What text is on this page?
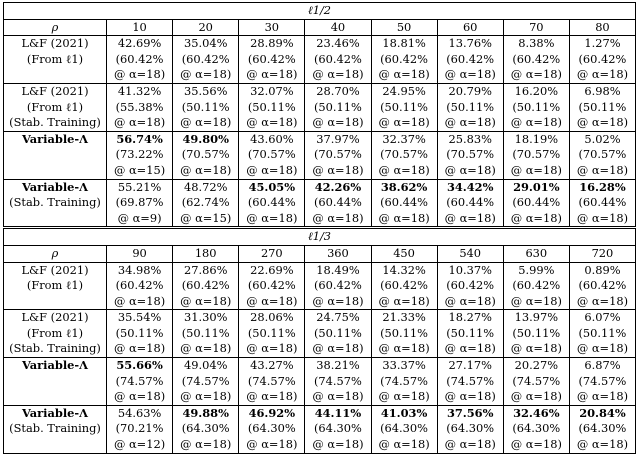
ℓ1/2								
ρ	10	20	30	40	50	60	70	80
L&F (2021)	42.69%	35.04%	28.89%	23.46%	18.81%	13.76%	8.38%	1.27%
(From ℓ1)	(60.42%	(60.42%	(60.42%	(60.42%	(60.42%	(60.42%	(60.42%	(60.42%
	@ α=18)	@ α=18)	@ α=18)	@ α=18)	@ α=18)	@ α=18)	@ α=18)	@ α=18)
L&F (2021)	41.32%	35.56%	32.07%	28.70%	24.95%	20.79%	16.20%	6.98%
(From ℓ1)	(55.38%	(50.11%	(50.11%	(50.11%	(50.11%	(50.11%	(50.11%	(50.11%
(Stab. Training)	@ α=18)	@ α=18)	@ α=18)	@ α=18)	@ α=18)	@ α=18)	@ α=18)	@ α=18)
Variable-Λ	56.74%	49.80%	43.60%	37.97%	32.37%	25.83%	18.19%	5.02%
	(73.22%	(70.57%	(70.57%	(70.57%	(70.57%	(70.57%	(70.57%	(70.57%
	@ α=15)	@ α=18)	@ α=18)	@ α=18)	@ α=18)	@ α=18)	@ α=18)	@ α=18)
Variable-Λ	55.21%	48.72%	45.05%	42.26%	38.62%	34.42%	29.01%	16.28%
(Stab. Training)	(69.87%	(62.74%	(60.44%	(60.44%	(60.44%	(60.44%	(60.44%	(60.44%
	@ α=9)	@ α=15)	@ α=18)	@ α=18)	@ α=18)	@ α=18)	@ α=18)	@ α=18)
ℓ1/3								
ρ	90	180	270	360	450	540	630	720
L&F (2021)	34.98%	27.86%	22.69%	18.49%	14.32%	10.37%	5.99%	0.89%
(From ℓ1)	(60.42%	(60.42%	(60.42%	(60.42%	(60.42%	(60.42%	(60.42%	(60.42%
	@ α=18)	@ α=18)	@ α=18)	@ α=18)	@ α=18)	@ α=18)	@ α=18)	@ α=18)
L&F (2021)	35.54%	31.30%	28.06%	24.75%	21.33%	18.27%	13.97%	6.07%
(From ℓ1)	(50.11%	(50.11%	(50.11%	(50.11%	(50.11%	(50.11%	(50.11%	(50.11%
(Stab. Training)	@ α=18)	@ α=18)	@ α=18)	@ α=18)	@ α=18)	@ α=18)	@ α=18)	@ α=18)
Variable-Λ	55.66%	49.04%	43.27%	38.21%	33.37%	27.17%	20.27%	6.87%
	(74.57%	(74.57%	(74.57%	(74.57%	(74.57%	(74.57%	(74.57%	(74.57%
	@ α=18)	@ α=18)	@ α=18)	@ α=18)	@ α=18)	@ α=18)	@ α=18)	@ α=18)
Variable-Λ	54.63%	49.88%	46.92%	44.11%	41.03%	37.56%	32.46%	20.84%
(Stab. Training)	(70.21%	(64.30%	(64.30%	(64.30%	(64.30%	(64.30%	(64.30%	(64.30%
	@ α=12)	@ α=18)	@ α=18)	@ α=18)	@ α=18)	@ α=18)	@ α=18)	@ α=18)
